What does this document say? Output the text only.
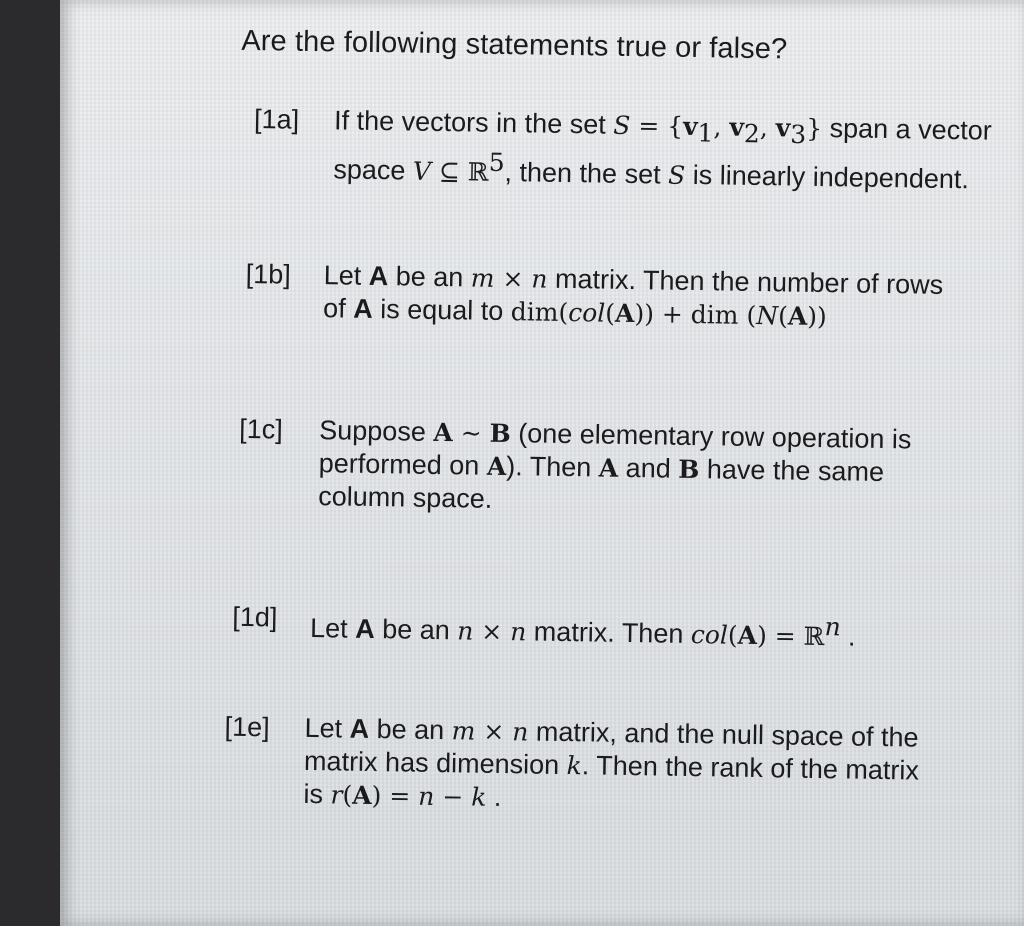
Are the following statements true or false?
[1a] If the vectors in the set $S = \{v_1$, $v_2$, $v_3$} span a vector
space V ⊆ ℝ$^5$, then the set S is linearly independent.
[1b] Let A be an m × n matrix. Then the number of rows
of A is equal to dim(col(A)) + dim (N(A))
[1c] Suppose A ~ B (one elementary row operation is
performed on A). Then A and B have the same
column space.
[1d] Let A be an n × n matrix. Then col(A) = ℝ$^n$ .
[1e] Let A be an m × n matrix, and the null space of the
matrix has dimension k. Then the rank of the matrix
is r(A) = n − k .
